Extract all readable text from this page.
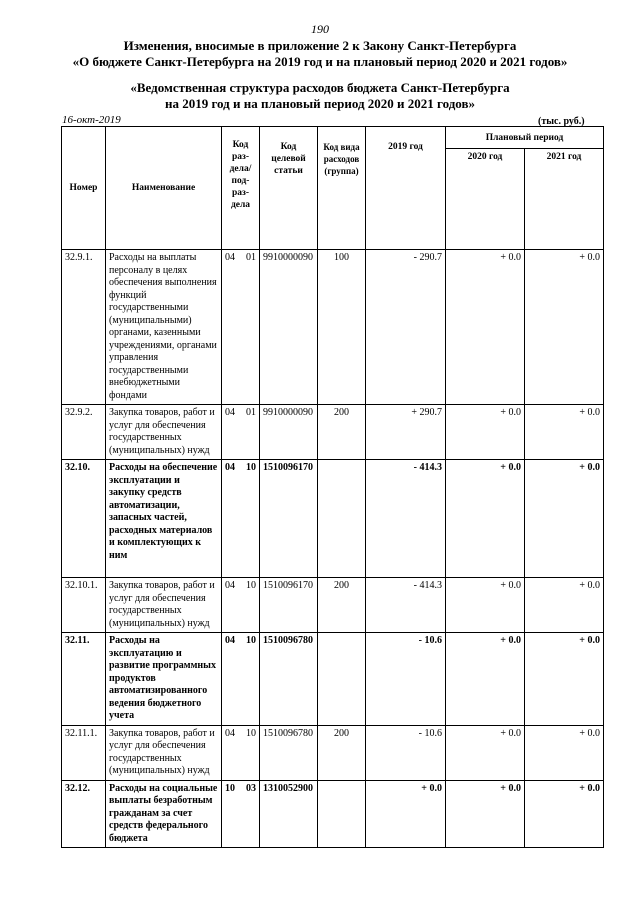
190
Изменения, вносимые в приложение 2 к Закону Санкт-Петербурга
«О бюджете Санкт-Петербурга на 2019 год и на плановый период 2020 и 2021 годов»
«Ведомственная структура расходов бюджета Санкт-Петербурга
на 2019 год и на плановый период 2020 и 2021 годов»
16-окт-2019	(тыс. руб.)
Номер	Наименование	Код раз- дела/ под- раз- дела	Код целевой статьи	Код вида расходов (группа)	2019 год	Плановый период	
						2020 год	2021 год
32.9.1.	Расходы на выплаты персоналу в целях обеспечения выполнения функций государственными (муниципальными) органами, казенными учреждениями, органами управления государственными внебюджетными фондами	04 01	9910000090	100	- 290.7	+ 0.0	+ 0.0
32.9.2.	Закупка товаров, работ и услуг для обеспечения государственных (муниципальных) нужд	04 01	9910000090	200	+ 290.7	+ 0.0	+ 0.0
32.10.	Расходы на обеспечение эксплуатации и закупку средств автоматизации, запасных частей, расходных материалов и комплектующих к ним	04 10	1510096170		- 414.3	+ 0.0	+ 0.0
32.10.1.	Закупка товаров, работ и услуг для обеспечения государственных (муниципальных) нужд	04 10	1510096170	200	- 414.3	+ 0.0	+ 0.0
32.11.	Расходы на эксплуатацию и развитие программных продуктов автоматизированного ведения бюджетного учета	04 10	1510096780		- 10.6	+ 0.0	+ 0.0
32.11.1.	Закупка товаров, работ и услуг для обеспечения государственных (муниципальных) нужд	04 10	1510096780	200	- 10.6	+ 0.0	+ 0.0
32.12.	Расходы на социальные выплаты безработным гражданам за счет средств федерального бюджета	10 03	1310052900		+ 0.0	+ 0.0	+ 0.0
